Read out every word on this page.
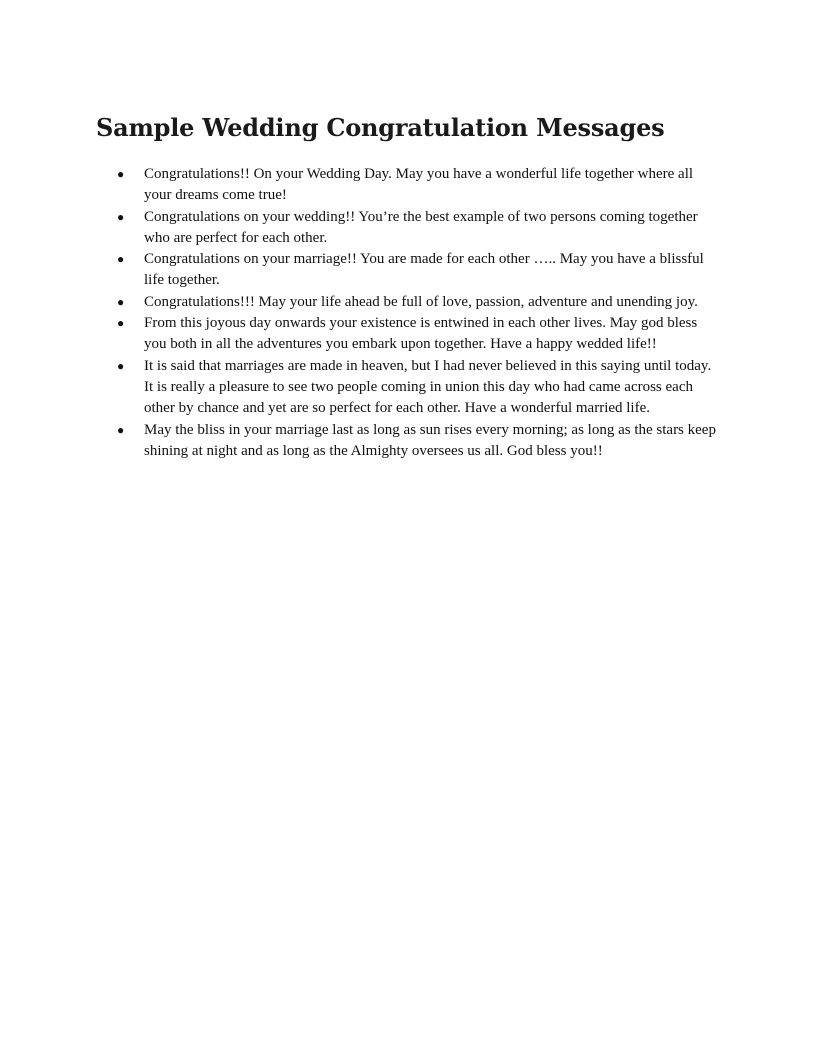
Sample Wedding Congratulation Messages
● Congratulations!! On your Wedding Day. May you have a wonderful life together where all your dreams come true!
● Congratulations on your wedding!! You’re the best example of two persons coming together who are perfect for each other.
● Congratulations on your marriage!! You are made for each other ….. May you have a blissful life together.
● Congratulations!!! May your life ahead be full of love, passion, adventure and unending joy.
● From this joyous day onwards your existence is entwined in each other lives. May god bless you both in all the adventures you embark upon together. Have a happy wedded life!!
● It is said that marriages are made in heaven, but I had never believed in this saying until today. It is really a pleasure to see two people coming in union this day who had came across each other by chance and yet are so perfect for each other. Have a wonderful married life.
● May the bliss in your marriage last as long as sun rises every morning; as long as the stars keep shining at night and as long as the Almighty oversees us all. God bless you!!
